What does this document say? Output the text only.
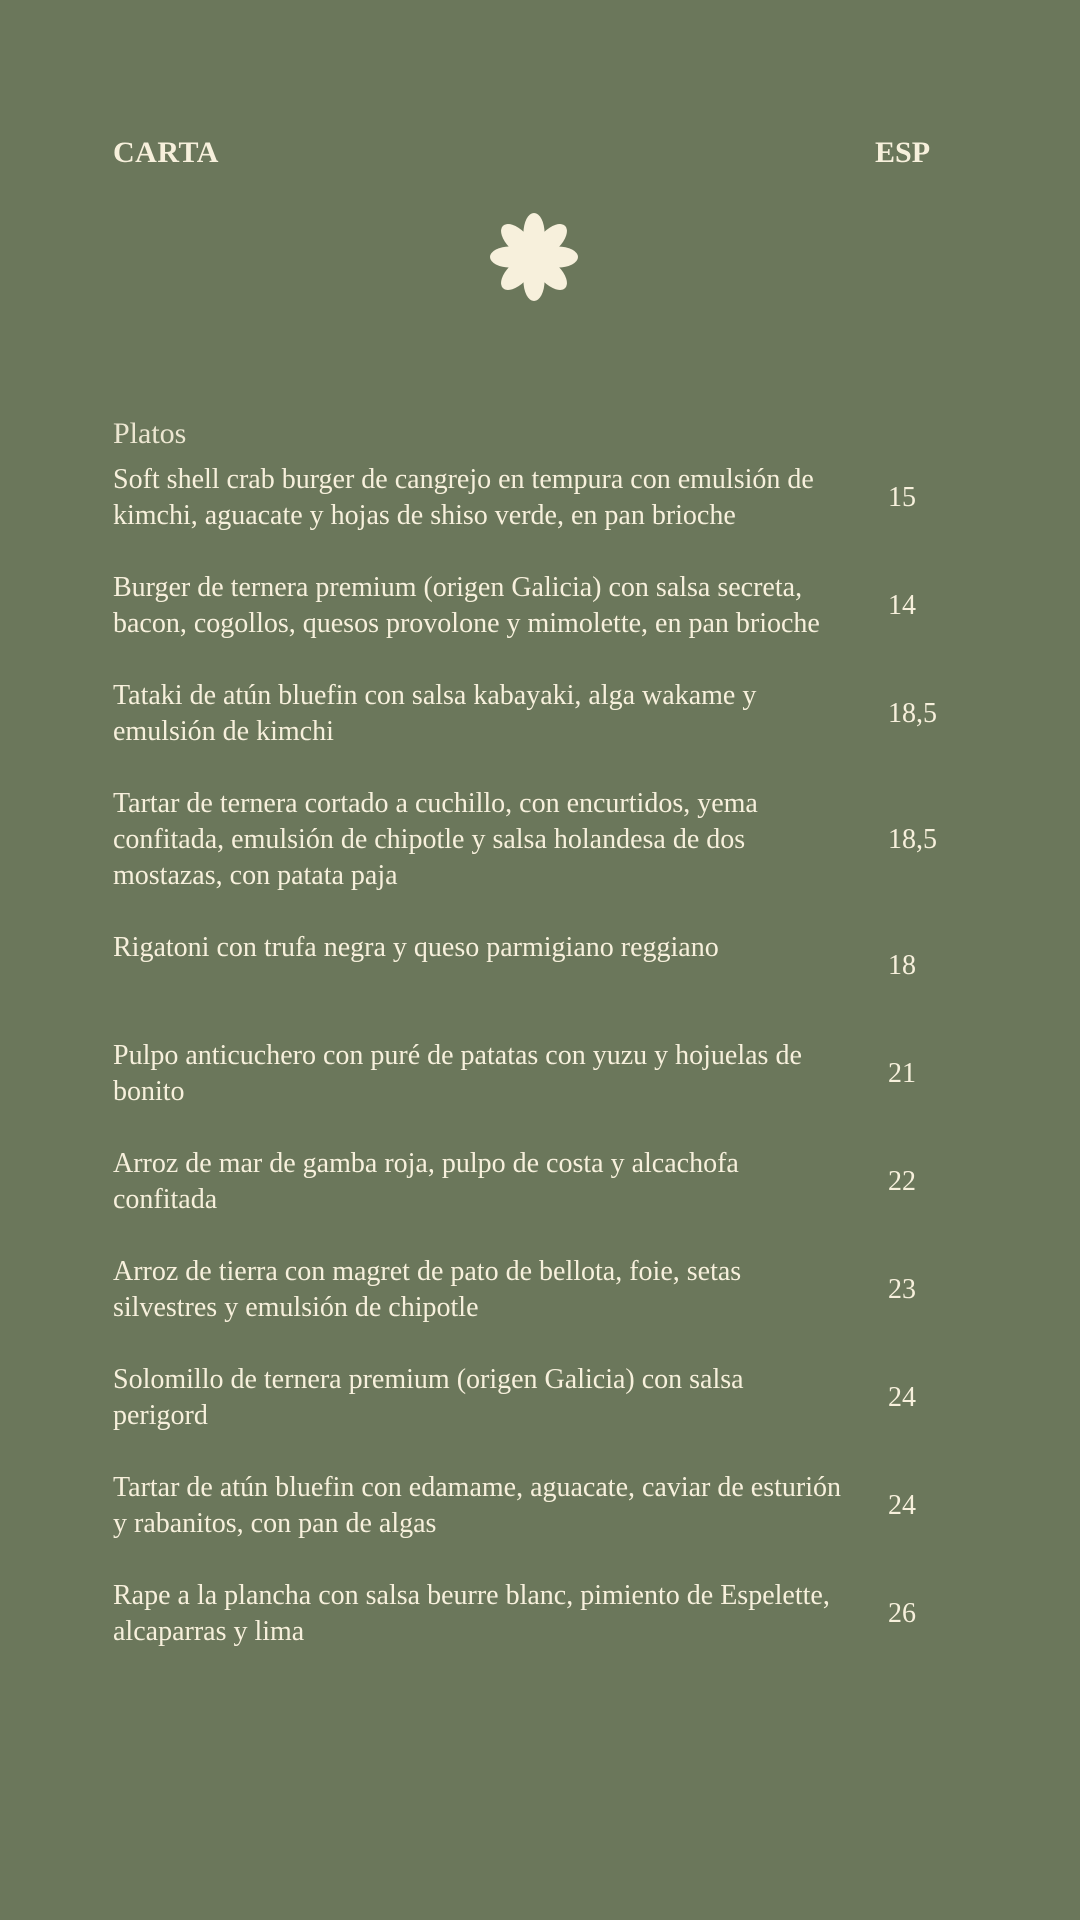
CARTA	ESP
Platos
Soft shell crab burger de cangrejo en tempura con emulsión de kimchi, aguacate y hojas de shiso verde, en pan brioche
15
Burger de ternera premium (origen Galicia) con salsa secreta, bacon, cogollos, quesos provolone y mimolette, en pan brioche
14
Tataki de atún bluefin con salsa kabayaki, alga wakame y emulsión de kimchi
18,5
Tartar de ternera cortado a cuchillo, con encurtidos, yema confitada, emulsión de chipotle y salsa holandesa de dos mostazas, con patata paja
18,5
Rigatoni con trufa negra y queso parmigiano reggiano
18
Pulpo anticuchero con puré de patatas con yuzu y hojuelas de bonito
21
Arroz de mar de gamba roja, pulpo de costa y alcachofa confitada
22
Arroz de tierra con magret de pato de bellota, foie, setas silvestres y emulsión de chipotle
23
Solomillo de ternera premium (origen Galicia) con salsa perigord
24
Tartar de atún bluefin con edamame, aguacate, caviar de esturión y rabanitos, con pan de algas
24
Rape a la plancha con salsa beurre blanc, pimiento de Espelette, alcaparras y lima
26
